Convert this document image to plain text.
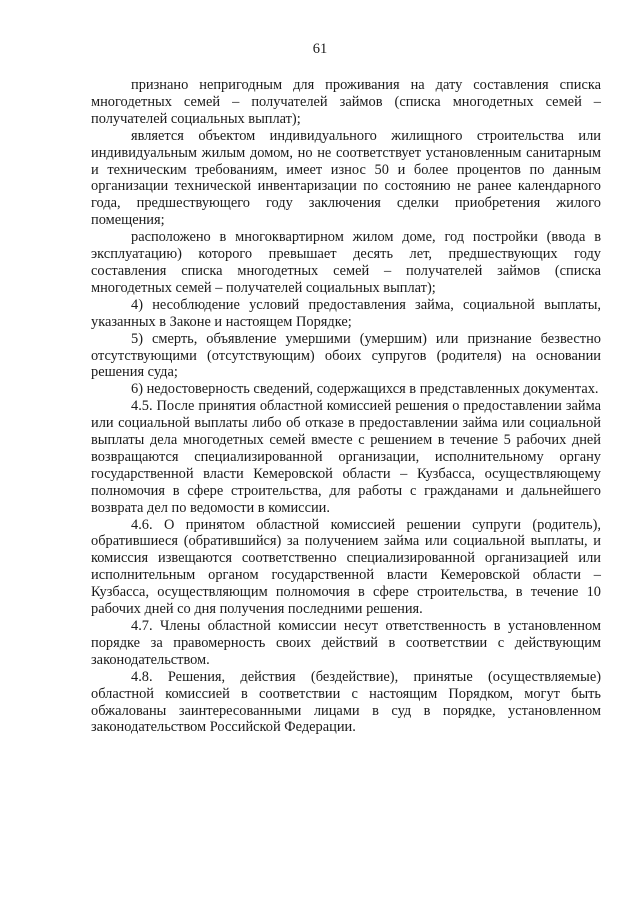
61

признано непригодным для проживания на дату составления списка многодетных семей – получателей займов (списка многодетных семей – получателей социальных выплат);

является объектом индивидуального жилищного строительства или индивидуальным жилым домом, но не соответствует установленным санитарным и техническим требованиям, имеет износ 50 и более процентов по данным организации технической инвентаризации по состоянию не ранее календарного года, предшествующего году заключения сделки приобретения жилого помещения;

расположено в многоквартирном жилом доме, год постройки (ввода в эксплуатацию) которого превышает десять лет, предшествующих году составления списка многодетных семей – получателей займов (списка многодетных семей – получателей социальных выплат);

4) несоблюдение условий предоставления займа, социальной выплаты, указанных в Законе и настоящем Порядке;

5) смерть, объявление умершими (умершим) или признание безвестно отсутствующими (отсутствующим) обоих супругов (родителя) на основании решения суда;

6) недостоверность сведений, содержащихся в представленных документах.

4.5. После принятия областной комиссией решения о предоставлении займа или социальной выплаты либо об отказе в предоставлении займа или социальной выплаты дела многодетных семей вместе с решением в течение 5 рабочих дней возвращаются специализированной организации, исполнительному органу государственной власти Кемеровской области – Кузбасса, осуществляющему полномочия в сфере строительства, для работы с гражданами и дальнейшего возврата дел по ведомости в комиссии.

4.6. О принятом областной комиссией решении супруги (родитель), обратившиеся (обратившийся) за получением займа или социальной выплаты, и комиссия извещаются соответственно специализированной организацией или исполнительным органом государственной власти Кемеровской области – Кузбасса, осуществляющим полномочия в сфере строительства, в течение 10 рабочих дней со дня получения последними решения.

4.7. Члены областной комиссии несут ответственность в установленном порядке за правомерность своих действий в соответствии с действующим законодательством.

4.8. Решения, действия (бездействие), принятые (осуществляемые) областной комиссией в соответствии с настоящим Порядком, могут быть обжалованы заинтересованными лицами в суд в порядке, установленном законодательством Российской Федерации.
